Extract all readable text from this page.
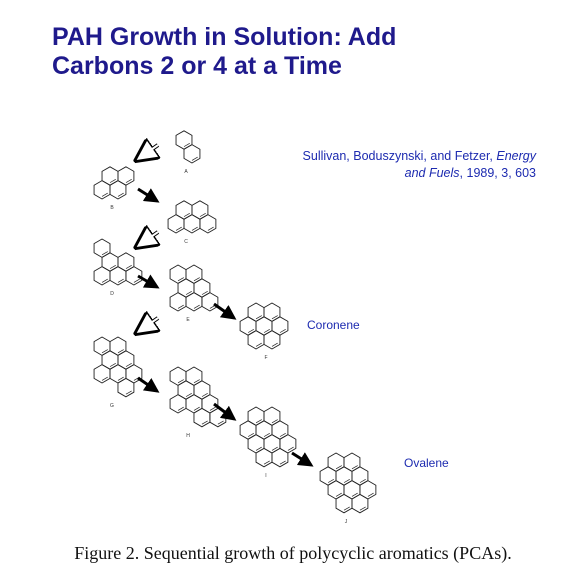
PAH Growth in Solution: Add
Carbons 2 or 4 at a Time
Sullivan, Boduszynski, and Fetzer, Energy
and Fuels, 1989, 3, 603
Coronene
Ovalene
A
B
C
D
E
F
G
H
I
J
Figure 2. Sequential growth of polycyclic aromatics (PCAs).
